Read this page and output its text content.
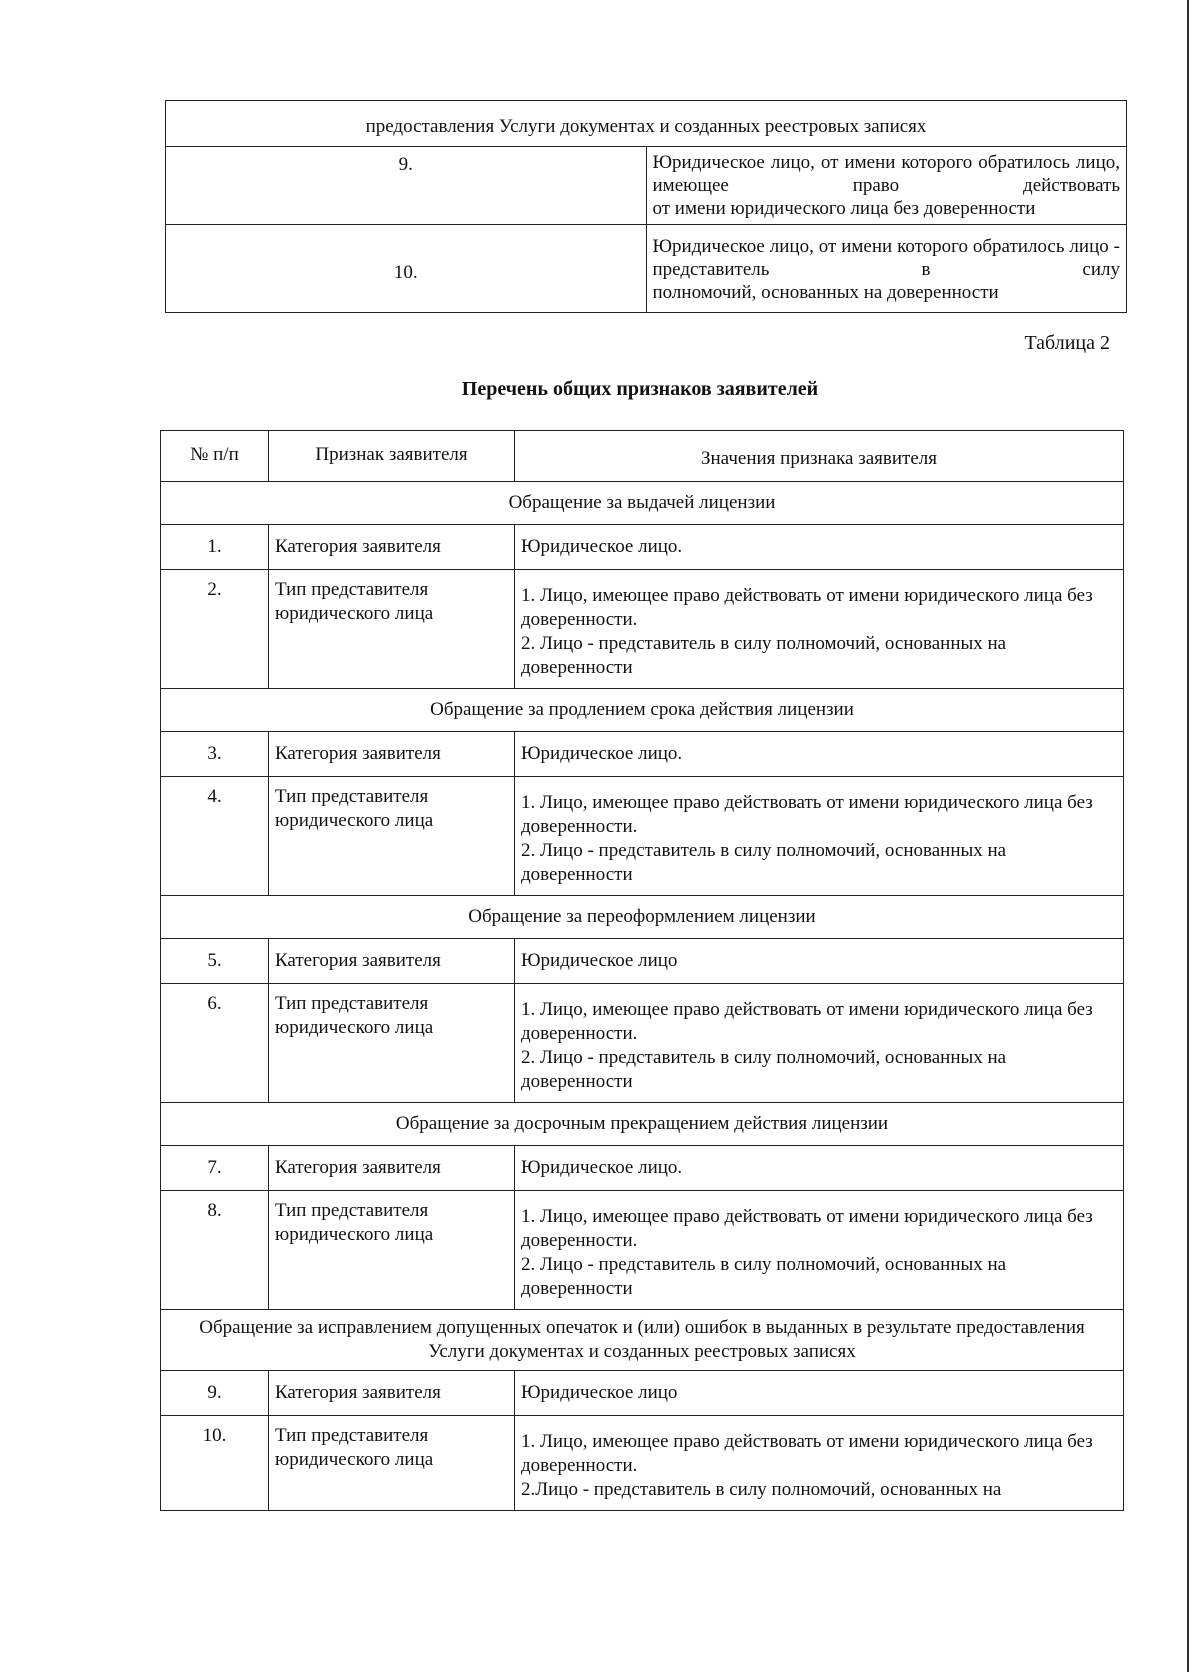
предоставления Услуги документах и созданных реестровых записях	
9.	Юридическое лицо, от имени которого обратилось лицо, имеющее право действовать
от имени юридического лица без доверенности

10.	Юридическое лицо, от имени которого обратилось лицо - представитель в силу
полномочий, основанных на доверенности
Таблица 2
Перечень общих признаков заявителей
№ п/п	Признак заявителя	Значения признака заявителя
Обращение за выдачей лицензии		
1.	Категория заявителя	Юридическое лицо.
2.	Тип представителя юридического лица	1. Лицо, имеющее право действовать от имени юридического лица без доверенности.
2. Лицо - представитель в силу полномочий, основанных на доверенности

Обращение за продлением срока действия лицензии		
3.	Категория заявителя	Юридическое лицо.
4.	Тип представителя юридического лица	1. Лицо, имеющее право действовать от имени юридического лица без доверенности.
2. Лицо - представитель в силу полномочий, основанных на доверенности

Обращение за переоформлением лицензии		
5.	Категория заявителя	Юридическое лицо
6.	Тип представителя юридического лица	1. Лицо, имеющее право действовать от имени юридического лица без доверенности.
2. Лицо - представитель в силу полномочий, основанных на доверенности

Обращение за досрочным прекращением действия лицензии		
7.	Категория заявителя	Юридическое лицо.
8.	Тип представителя юридического лица	1. Лицо, имеющее право действовать от имени юридического лица без доверенности.
2. Лицо - представитель в силу полномочий, основанных на доверенности

Обращение за исправлением допущенных опечаток и (или) ошибок в выданных в результате предоставления Услуги документах и созданных реестровых записях		
9.	Категория заявителя	Юридическое лицо
10.	Тип представителя юридического лица	1. Лицо, имеющее право действовать от имени юридического лица без доверенности.
2.Лицо - представитель в силу полномочий, основанных на
